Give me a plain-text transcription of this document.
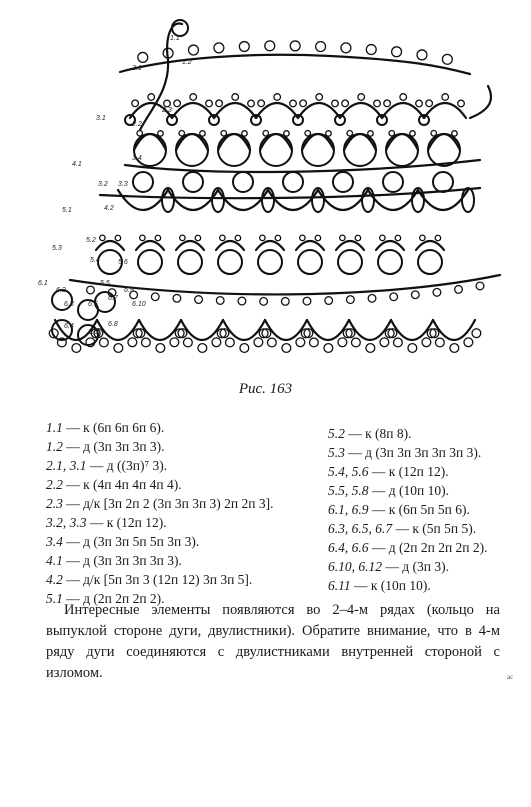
1.1
1.2
2.1
2.2
2.3
3.1
3.2 3.3
3.4
4.1
4.2
5.1
5.2
5.3
5.4
5.5
5.6
6.1
6.2
6.3
6.4
6.5
6.6
6.7
6.8
6.9
6.10
Рис. 163
1.1 — к (6п 6п 6п 6).
1.2 — д (3п 3п 3п 3).
2.1, 3.1 — д ((3п)⁷ 3).
2.2 — к (4п 4п 4п 4п 4).
2.3 — д/к [3п 2п 2 (3п 3п 3п 3) 2п 2п 3].
3.2, 3.3 — к (12п 12).
3.4 — д (3п 3п 5п 5п 3п 3).
4.1 — д (3п 3п 3п 3п 3).
4.2 — д/к [5п 3п 3 (12п 12) 3п 3п 5].
5.1 — д (2п 2п 2п 2).
5.2 — к (8п 8).
5.3 — д (3п 3п 3п 3п 3п 3).
5.4, 5.6 — к (12п 12).
5.5, 5.8 — д (10п 10).
6.1, 6.9 — к (6п 5п 5п 6).
6.3, 6.5, 6.7 — к (5п 5п 5).
6.4, 6.6 — д (2п 2п 2п 2п 2).
6.10, 6.12 — д (3п 3).
6.11 — к (10п 10).
Интересные элементы появляются во 2–4-м рядах (кольцо на выпуклой стороне дуги, двулистники). Обратите внимание, что в 4-м ряду дуги соединяются с двулистниками внутренней стороной с изломом.	ас
